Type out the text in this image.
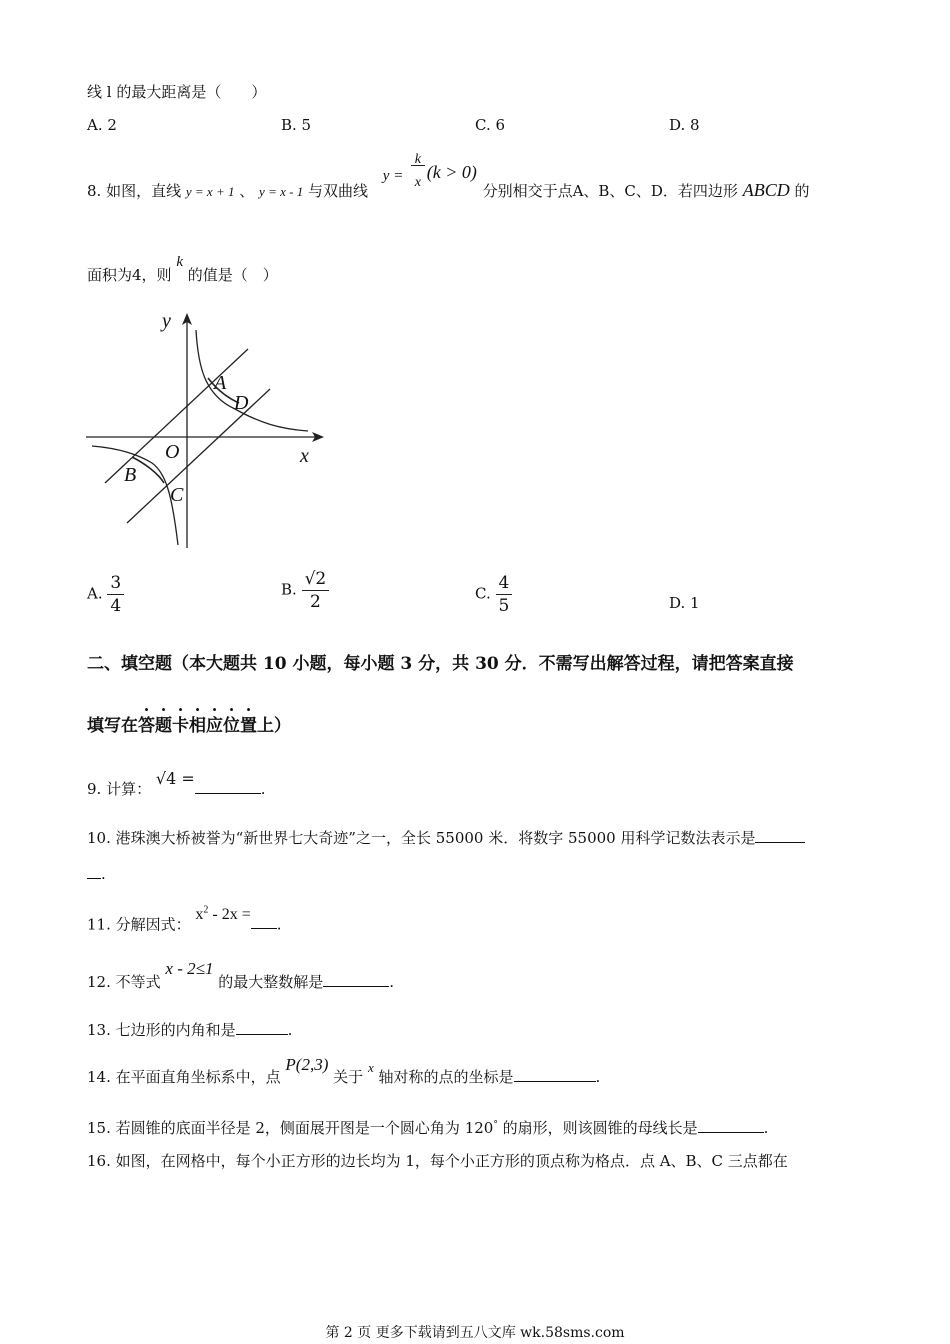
线 l 的最大距离是（　　）
A. 2	B. 5	C. 6	D. 8
8. 如图，直线 y = x + 1 、 y = x - 1 与双曲线
y =
k
x
(k > 0)
分别相交于点A、B、C、D．若四边形 ABCD 的
面积为4，则 k 的值是（　）
y
x
O
A
D
B
C
A. $\frac{3}{4}$	B. $\frac{√2}{2}$	C. $\frac{4}{5}$	D. 1
二、填空题（本大题共 10 小题，每小题 3 分，共 30 分．不需写出解答过程，请把答案直接
填写在答题卡相应位置上）
9. 计算： √4 =.
10. 港珠澳大桥被誉为“新世界七大奇迹”之一，全长 55000 米．将数字 55000 用科学记数法表示是
.
11. 分解因式： $x^2 - 2x$ =.
12. 不等式 x - 2≤1 的最大整数解是	.
13. 七边形的内角和是	.
14. 在平面直角坐标系中，点 P(2,3) 关于 x 轴对称的点的坐标是	.
15. 若圆锥的底面半径是 2，侧面展开图是一个圆心角为 120° 的扇形，则该圆锥的母线长是	.
16. 如图，在网格中，每个小正方形的边长均为 1，每个小正方形的顶点称为格点．点 A、B、C 三点都在
第 2 页 更多下载请到五八文库 wk.58sms.com
